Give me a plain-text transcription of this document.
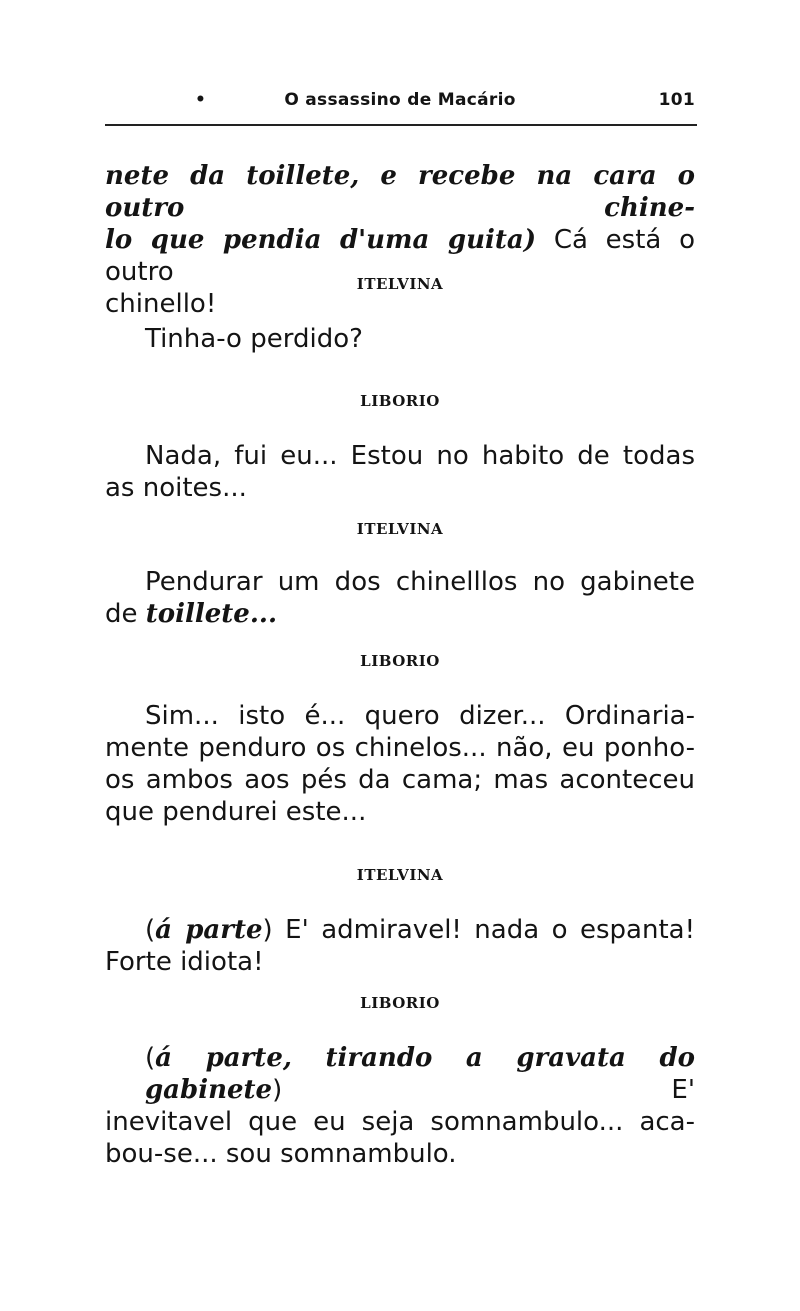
•	O assassino de Macário	101
nete da toillete, e recebe na cara o outro chine-
lo que pendia d'uma guita) Cá está o outro
chinello!
ITELVINA
Tinha-o perdido?
LIBORIO
Nada, fui eu... Estou no habito de todas
as noites...
ITELVINA
Pendurar um dos chinelllos no gabinete
de toillete...
LIBORIO
Sim... isto é... quero dizer... Ordinaria-
mente penduro os chinelos... não, eu ponho-
os ambos aos pés da cama; mas aconteceu
que pendurei este...
ITELVINA
(á parte) E' admiravel! nada o espanta!
Forte idiota!
LIBORIO
(á parte, tirando a gravata do gabinete) E'
inevitavel que eu seja somnambulo... aca-
bou-se... sou somnambulo.
